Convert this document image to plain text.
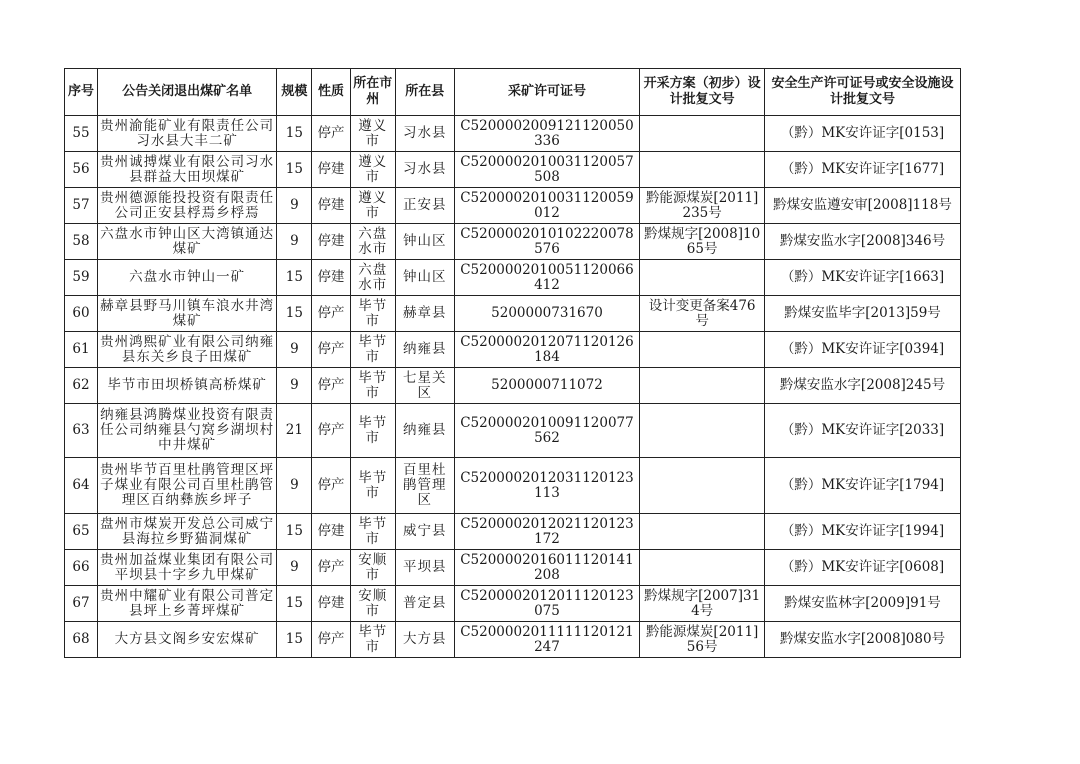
序号	公告关闭退出煤矿名单	规模	性质	所在市州	所在县	采矿许可证号	开采方案（初步）设计批复文号	安全生产许可证号或安全设施设计批复文号
55	贵州渝能矿业有限责任公司习水县大丰二矿	15	停产	遵义市	习水县	C5200002009121120050336		（黔）MK安许证字[0153]
56	贵州诚搏煤业有限公司习水县群益大田坝煤矿	15	停建	遵义市	习水县	C5200002010031120057508		（黔）MK安许证字[1677]
57	贵州德源能投投资有限责任公司正安县桴焉乡桴焉	9	停建	遵义市	正安县	C5200002010031120059012	黔能源煤炭[2011]235号	黔煤安监遵安审[2008]118号
58	六盘水市钟山区大湾镇通达煤矿	9	停建	六盘水市	钟山区	C5200002010102220078576	黔煤规字[2008]1065号	黔煤安监水字[2008]346号
59	六盘水市钟山一矿	15	停建	六盘水市	钟山区	C5200002010051120066412		（黔）MK安许证字[1663]
60	赫章县野马川镇车浪水井湾煤矿	15	停产	毕节市	赫章县	5200000731670	设计变更备案476号	黔煤安监毕字[2013]59号
61	贵州鸿熙矿业有限公司纳雍县东关乡良子田煤矿	9	停产	毕节市	纳雍县	C5200002012071120126184		（黔）MK安许证字[0394]
62	毕节市田坝桥镇高桥煤矿	9	停产	毕节市	七星关区	5200000711072		黔煤安监水字[2008]245号
63	纳雍县鸿腾煤业投资有限责任公司纳雍县勺窝乡湖坝村中井煤矿	21	停产	毕节市	纳雍县	C5200002010091120077562		（黔）MK安许证字[2033]
64	贵州毕节百里杜鹃管理区坪子煤业有限公司百里杜鹃管理区百纳彝族乡坪子	9	停产	毕节市	百里杜鹃管理区	C5200002012031120123113		（黔）MK安许证字[1794]
65	盘州市煤炭开发总公司威宁县海拉乡野猫洞煤矿	15	停建	毕节市	威宁县	C5200002012021120123172		（黔）MK安许证字[1994]
66	贵州加益煤业集团有限公司平坝县十字乡九甲煤矿	9	停产	安顺市	平坝县	C5200002016011120141208		（黔）MK安许证字[0608]
67	贵州中耀矿业有限公司普定县坪上乡菁坪煤矿	15	停建	安顺市	普定县	C5200002012011120123075	黔煤规字[2007]314号	黔煤安监林字[2009]91号
68	大方县文阁乡安宏煤矿	15	停产	毕节市	大方县	C5200002011111120121247	黔能源煤炭[2011]56号	黔煤安监水字[2008]080号
